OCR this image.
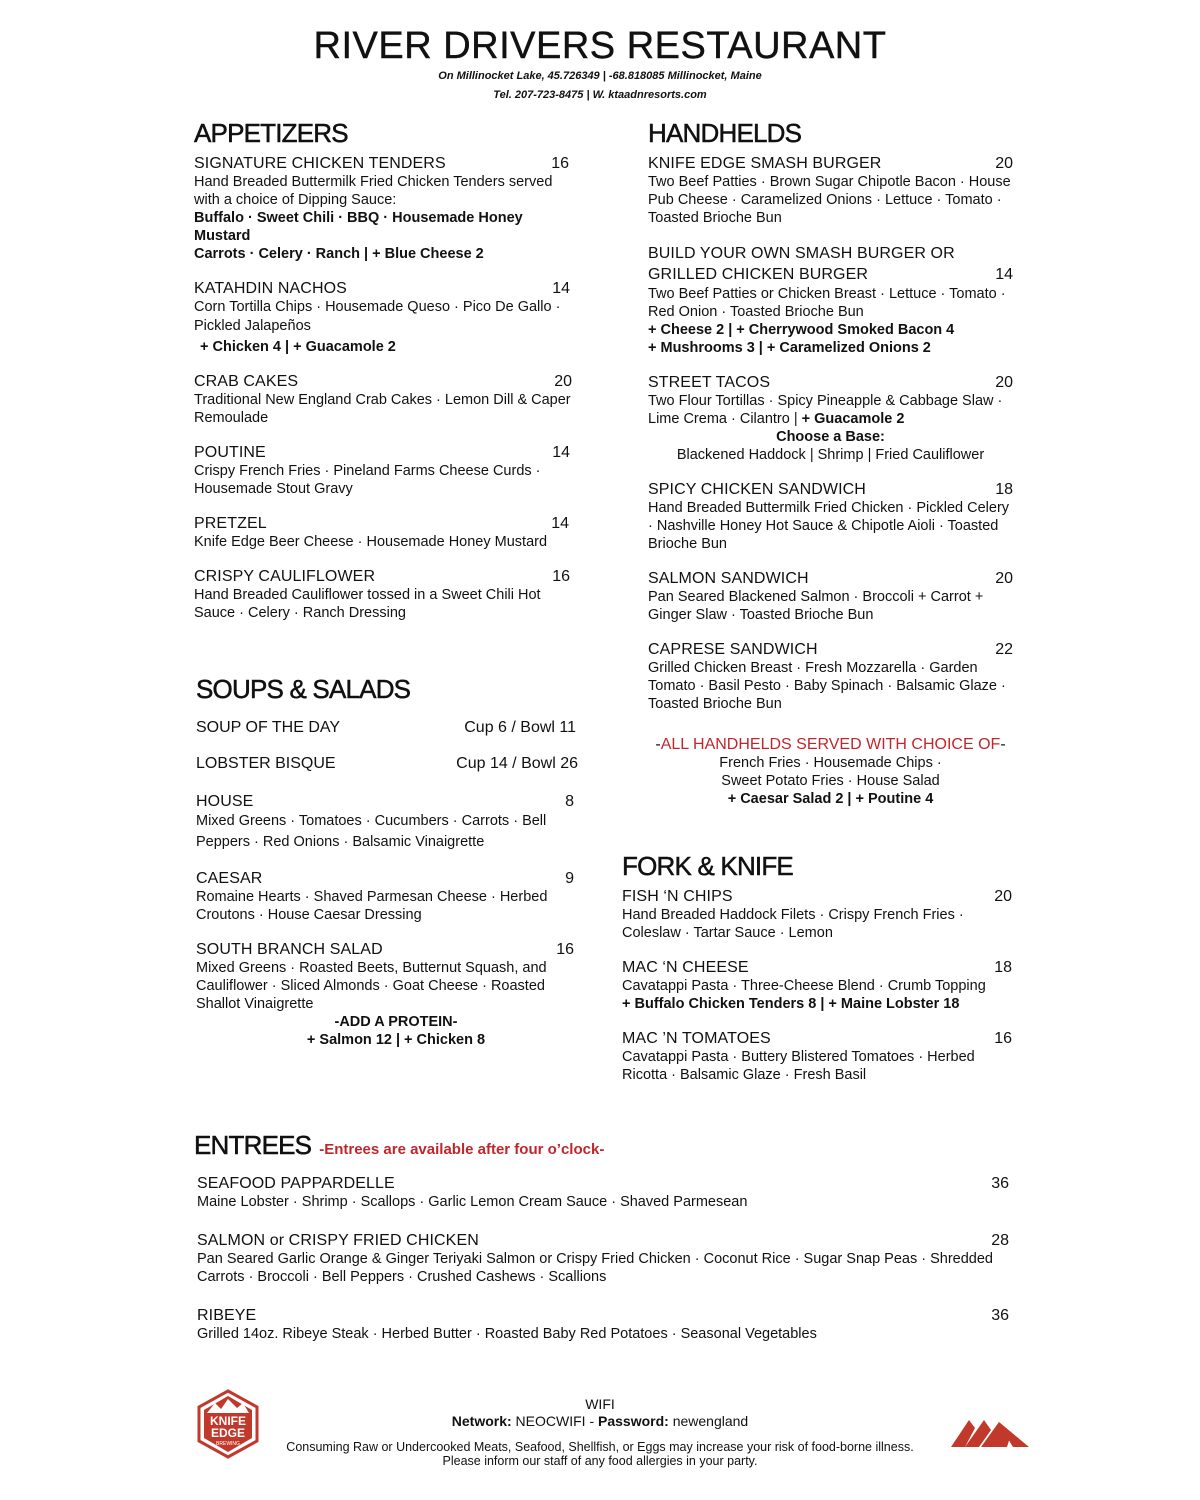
RIVER DRIVERS RESTAURANT
On Millinocket Lake, 45.726349 | -68.818085 Millinocket, Maine
Tel. 207-723-8475 | W. ktaadnresorts.com
APPETIZERS
SIGNATURE CHICKEN TENDERS	16
Hand Breaded Buttermilk Fried Chicken Tenders served with a choice of Dipping Sauce:
Buffalo · Sweet Chili · BBQ · Housemade Honey Mustard
Carrots · Celery · Ranch | + Blue Cheese 2
KATAHDIN NACHOS	14
Corn Tortilla Chips · Housemade Queso · Pico De Gallo · Pickled Jalapeños
+ Chicken 4 | + Guacamole 2
CRAB CAKES	20
Traditional New England Crab Cakes · Lemon Dill & Caper Remoulade
POUTINE	14
Crispy French Fries · Pineland Farms Cheese Curds · Housemade Stout Gravy
PRETZEL	14
Knife Edge Beer Cheese · Housemade Honey Mustard
CRISPY CAULIFLOWER	16
Hand Breaded Cauliflower tossed in a Sweet Chili Hot Sauce · Celery · Ranch Dressing
SOUPS & SALADS
SOUP OF THE DAY	Cup 6 / Bowl 11
LOBSTER BISQUE	Cup 14 / Bowl 26
HOUSE	8
Mixed Greens · Tomatoes · Cucumbers · Carrots · Bell Peppers · Red Onions · Balsamic Vinaigrette
CAESAR	9
Romaine Hearts · Shaved Parmesan Cheese · Herbed Croutons · House Caesar Dressing
SOUTH BRANCH SALAD	16
Mixed Greens · Roasted Beets, Butternut Squash, and Cauliflower · Sliced Almonds · Goat Cheese · Roasted Shallot Vinaigrette
-ADD A PROTEIN-
+ Salmon 12 | + Chicken 8
HANDHELDS
KNIFE EDGE SMASH BURGER	20
Two Beef Patties · Brown Sugar Chipotle Bacon · House Pub Cheese · Caramelized Onions · Lettuce · Tomato · Toasted Brioche Bun
BUILD YOUR OWN SMASH BURGER OR
GRILLED CHICKEN BURGER	14
Two Beef Patties or Chicken Breast · Lettuce · Tomato · Red Onion · Toasted Brioche Bun
+ Cheese 2 | + Cherrywood Smoked Bacon 4
+ Mushrooms 3 | + Caramelized Onions 2
STREET TACOS	20
Two Flour Tortillas · Spicy Pineapple & Cabbage Slaw · Lime Crema · Cilantro | + Guacamole 2
Choose a Base:
Blackened Haddock | Shrimp | Fried Cauliflower
SPICY CHICKEN SANDWICH	18
Hand Breaded Buttermilk Fried Chicken · Pickled Celery · Nashville Honey Hot Sauce & Chipotle Aioli · Toasted Brioche Bun
SALMON SANDWICH	20
Pan Seared Blackened Salmon · Broccoli + Carrot + Ginger Slaw · Toasted Brioche Bun
CAPRESE SANDWICH	22
Grilled Chicken Breast · Fresh Mozzarella · Garden Tomato · Basil Pesto · Baby Spinach · Balsamic Glaze · Toasted Brioche Bun
-ALL HANDHELDS SERVED WITH CHOICE OF-
French Fries · Housemade Chips ·
Sweet Potato Fries · House Salad
+ Caesar Salad 2 | + Poutine 4
FORK & KNIFE
FISH ‘N CHIPS	20
Hand Breaded Haddock Filets · Crispy French Fries · Coleslaw · Tartar Sauce · Lemon
MAC ‘N CHEESE	18
Cavatappi Pasta · Three-Cheese Blend · Crumb Topping
+ Buffalo Chicken Tenders 8 | + Maine Lobster 18
MAC ’N TOMATOES	16
Cavatappi Pasta · Buttery Blistered Tomatoes · Herbed Ricotta · Balsamic Glaze · Fresh Basil
ENTREES -Entrees are available after four o’clock-
SEAFOOD PAPPARDELLE	36
Maine Lobster · Shrimp · Scallops · Garlic Lemon Cream Sauce · Shaved Parmesean
SALMON or CRISPY FRIED CHICKEN	28
Pan Seared Garlic Orange & Ginger Teriyaki Salmon or Crispy Fried Chicken · Coconut Rice · Sugar Snap Peas · Shredded Carrots · Broccoli · Bell Peppers · Crushed Cashews · Scallions
RIBEYE	36
Grilled 14oz. Ribeye Steak · Herbed Butter · Roasted Baby Red Potatoes · Seasonal Vegetables
KNIFE
EDGE
BREWING
WIFI
Network: NEOCWIFI - Password: newengland
Consuming Raw or Undercooked Meats, Seafood, Shellfish, or Eggs may increase your risk of food-borne illness.
Please inform our staff of any food allergies in your party.
